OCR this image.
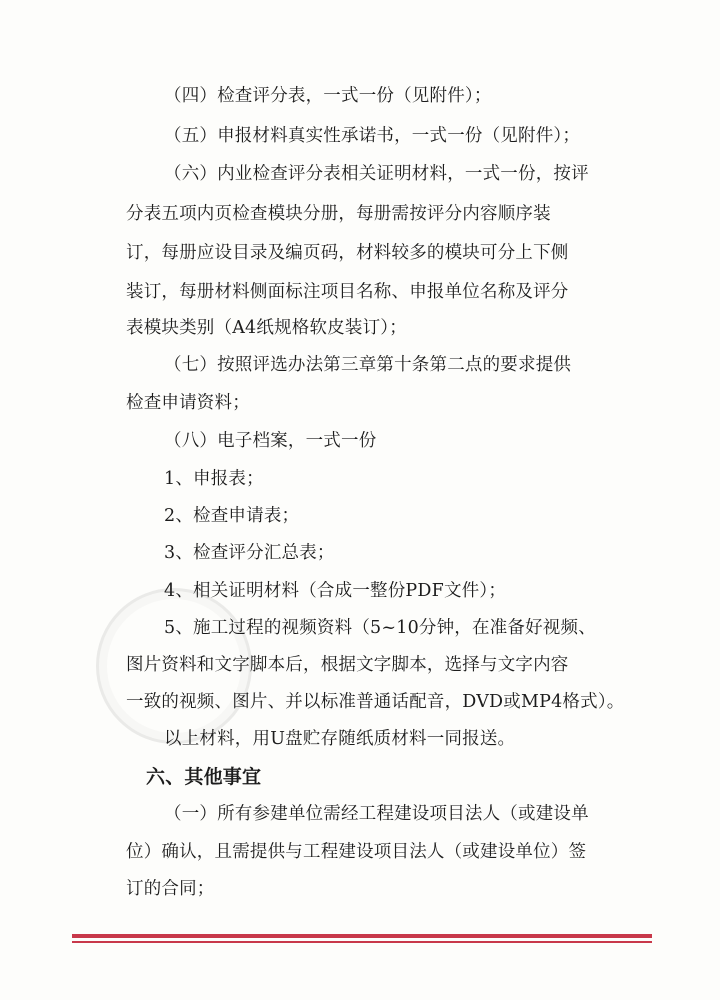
（四）检查评分表，一式一份（见附件）；
（五）申报材料真实性承诺书，一式一份（见附件）；
（六）内业检查评分表相关证明材料，一式一份，按评
分表五项内页检查模块分册，每册需按评分内容顺序装
订，每册应设目录及编页码，材料较多的模块可分上下侧
装订，每册材料侧面标注项目名称、申报单位名称及评分
表模块类别（A4纸规格软皮装订）；
（七）按照评选办法第三章第十条第二点的要求提供
检查申请资料；
（八）电子档案，一式一份
1、申报表；
2、检查申请表；
3、检查评分汇总表；
4、相关证明材料（合成一整份PDF文件）；
5、施工过程的视频资料（5~10分钟，在准备好视频、
图片资料和文字脚本后，根据文字脚本，选择与文字内容
一致的视频、图片、并以标准普通话配音，DVD或MP4格式）。
以上材料，用U盘贮存随纸质材料一同报送。
六、其他事宜
（一）所有参建单位需经工程建设项目法人（或建设单
位）确认，且需提供与工程建设项目法人（或建设单位）签
订的合同；
